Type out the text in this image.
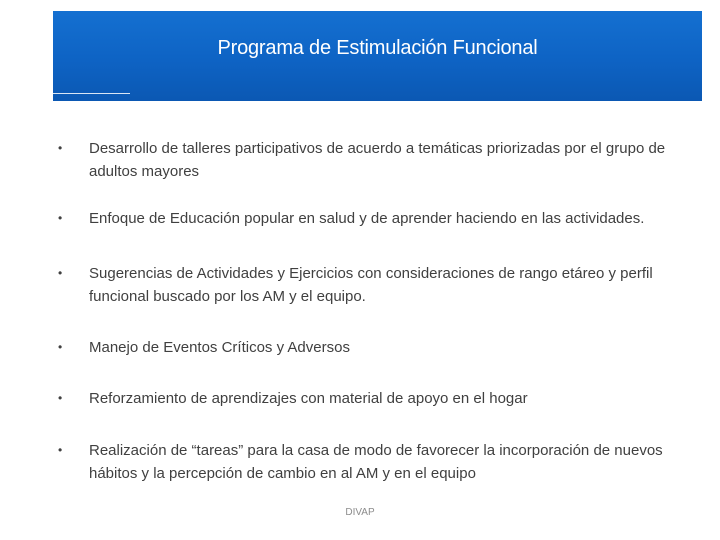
Programa de Estimulación Funcional
•	Desarrollo de talleres participativos de acuerdo a temáticas priorizadas por el grupo de adultos mayores
•	Enfoque de Educación popular en salud y de aprender haciendo en las actividades.
•	Sugerencias de Actividades y Ejercicios con consideraciones de rango etáreo y perfil funcional buscado por los AM y el equipo.
•	Manejo de Eventos Críticos y Adversos
•	Reforzamiento de aprendizajes con material de apoyo en el hogar
•	Realización de “tareas” para la casa de modo de favorecer la incorporación de nuevos hábitos y la percepción de cambio en al AM y en el equipo
DIVAP
